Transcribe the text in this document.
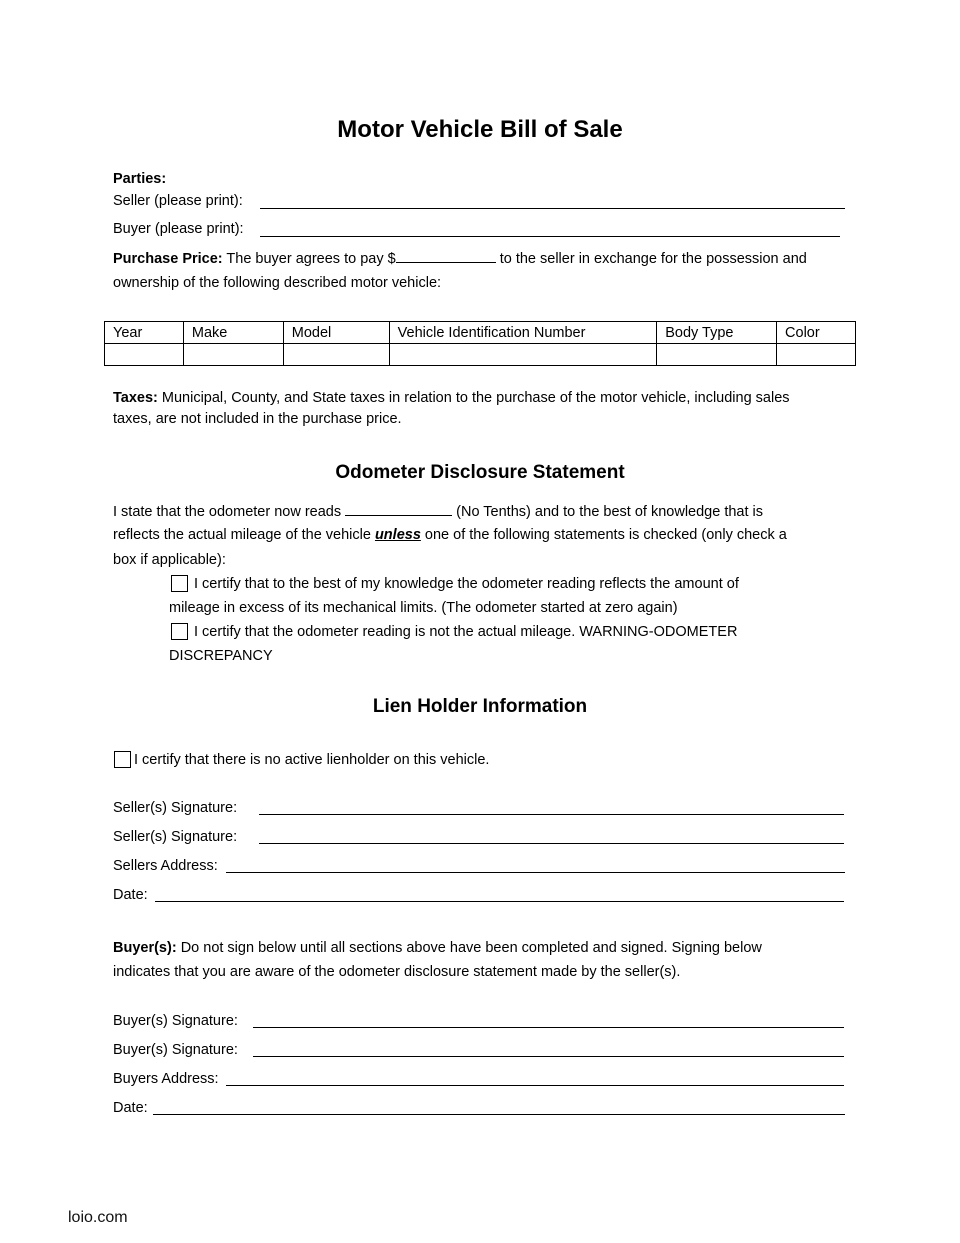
Motor Vehicle Bill of Sale
Parties:
Seller (please print):
Buyer (please print):
Purchase Price: The buyer agrees to pay $	to the seller in exchange for the possession and
ownership of the following described motor vehicle:
Year	Make	Model	Vehicle Identification Number	Body Type	Color

Taxes: Municipal, County, and State taxes in relation to the purchase of the motor vehicle, including sales
taxes, are not included in the purchase price.
Odometer Disclosure Statement
I state that the odometer now reads	(No Tenths) and to the best of knowledge that is
reflects the actual mileage of the vehicle unless one of the following statements is checked (only check a
box if applicable):
I certify that to the best of my knowledge the odometer reading reflects the amount of
mileage in excess of its mechanical limits. (The odometer started at zero again)
I certify that the odometer reading is not the actual mileage. WARNING-ODOMETER
DISCREPANCY
Lien Holder Information
I certify that there is no active lienholder on this vehicle.
Seller(s) Signature:
Seller(s) Signature:
Sellers Address:
Date:
Buyer(s): Do not sign below until all sections above have been completed and signed. Signing below
indicates that you are aware of the odometer disclosure statement made by the seller(s).
Buyer(s) Signature:
Buyer(s) Signature:
Buyers Address:
Date:
loio.com
